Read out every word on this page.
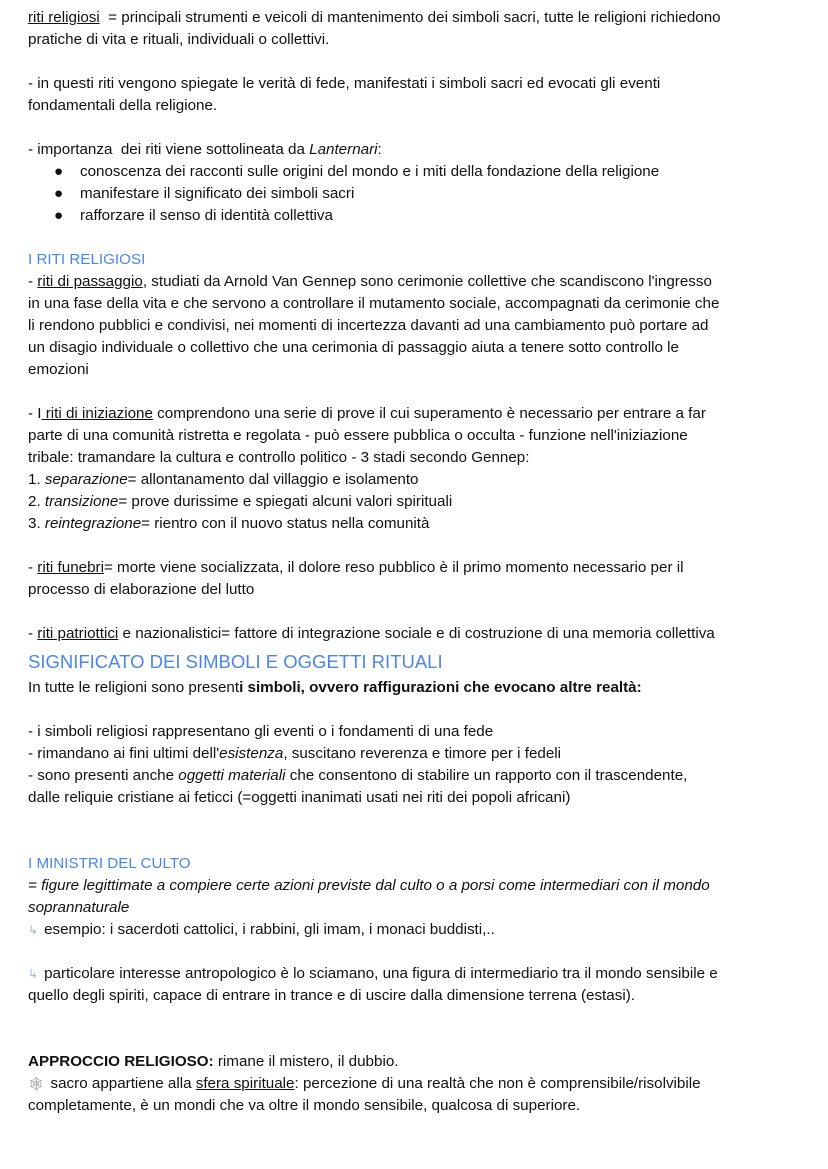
riti religiosi  = principali strumenti e veicoli di mantenimento dei simboli sacri, tutte le religioni richiedono
pratiche di vita e rituali, individuali o collettivi.
- in questi riti vengono spiegate le verità di fede, manifestati i simboli sacri ed evocati gli eventi
fondamentali della religione.
- importanza  dei riti viene sottolineata da Lanternari:
● conoscenza dei racconti sulle origini del mondo e i miti della fondazione della religione
● manifestare il significato dei simboli sacri
● rafforzare il senso di identità collettiva
I RITI RELIGIOSI
- riti di passaggio, studiati da Arnold Van Gennep sono cerimonie collettive che scandiscono l'ingresso
in una fase della vita e che servono a controllare il mutamento sociale, accompagnati da cerimonie che
li rendono pubblici e condivisi, nei momenti di incertezza davanti ad una cambiamento può portare ad
un disagio individuale o collettivo che una cerimonia di passaggio aiuta a tenere sotto controllo le
emozioni
- I riti di iniziazione comprendono una serie di prove il cui superamento è necessario per entrare a far
parte di una comunità ristretta e regolata - può essere pubblica o occulta - funzione nell'iniziazione
tribale: tramandare la cultura e controllo politico - 3 stadi secondo Gennep:
1. separazione= allontanamento dal villaggio e isolamento
2. transizione= prove durissime e spiegati alcuni valori spirituali
3. reintegrazione= rientro con il nuovo status nella comunità
- riti funebri= morte viene socializzata, il dolore reso pubblico è il primo momento necessario per il
processo di elaborazione del lutto
- riti patriottici e nazionalistici= fattore di integrazione sociale e di costruzione di una memoria collettiva
SIGNIFICATO DEI SIMBOLI E OGGETTI RITUALI
In tutte le religioni sono presenti simboli, ovvero raffigurazioni che evocano altre realtà:
- i simboli religiosi rappresentano gli eventi o i fondamenti di una fede
- rimandano ai fini ultimi dell'esistenza, suscitano reverenza e timore per i fedeli
- sono presenti anche oggetti materiali che consentono di stabilire un rapporto con il trascendente,
dalle reliquie cristiane ai feticci (=oggetti inanimati usati nei riti dei popoli africani)
I MINISTRI DEL CULTO
= figure legittimate a compiere certe azioni previste dal culto o a porsi come intermediari con il mondo
soprannaturale
↳ esempio: i sacerdoti cattolici, i rabbini, gli imam, i monaci buddisti,..
↳ particolare interesse antropologico è lo sciamano, una figura di intermediario tra il mondo sensibile e
quello degli spiriti, capace di entrare in trance e di uscire dalla dimensione terrena (estasi).
APPROCCIO RELIGIOSO: rimane il mistero, il dubbio.
🕸 sacro appartiene alla sfera spirituale: percezione di una realtà che non è comprensibile/risolvibile
completamente, è un mondi che va oltre il mondo sensibile, qualcosa di superiore.
